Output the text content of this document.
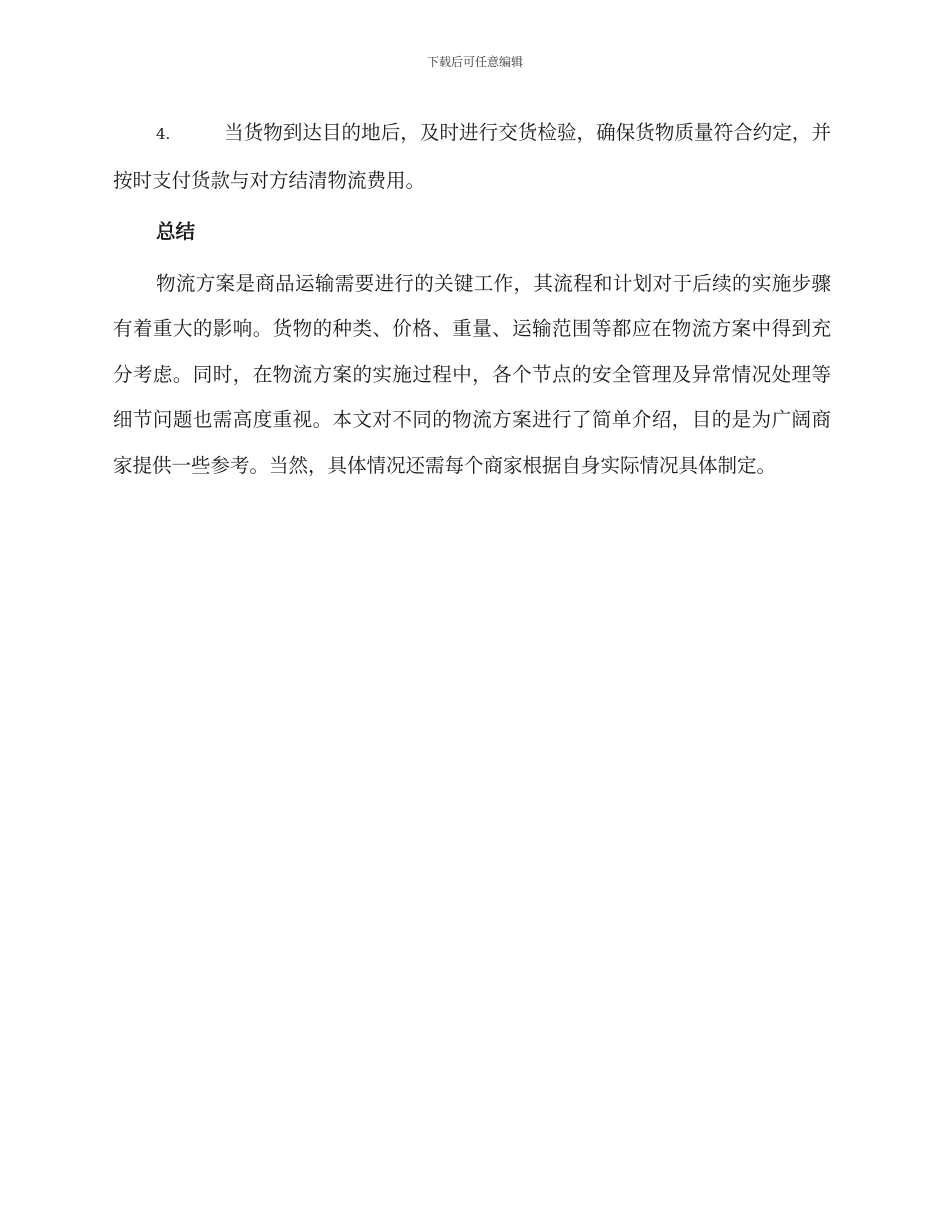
下载后可任意编辑

4.	当货物到达目的地后，及时进行交货检验，确保货物质量符合约定，并按时支付货款与对方结清物流费用。

总结

物流方案是商品运输需要进行的关键工作，其流程和计划对于后续的实施步骤有着重大的影响。货物的种类、价格、重量、运输范围等都应在物流方案中得到充分考虑。同时，在物流方案的实施过程中，各个节点的安全管理及异常情况处理等细节问题也需高度重视。本文对不同的物流方案进行了简单介绍，目的是为广阔商家提供一些参考。当然，具体情况还需每个商家根据自身实际情况具体制定。
